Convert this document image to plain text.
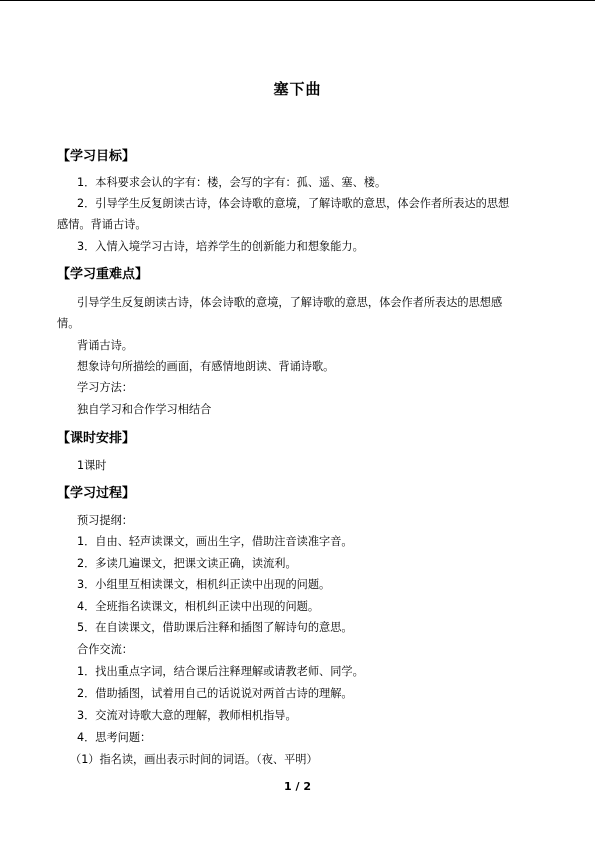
塞下曲
【学习目标】
1．本科要求会认的字有：楼，会写的字有：孤、遥、塞、楼。
2．引导学生反复朗读古诗，体会诗歌的意境，了解诗歌的意思，体会作者所表达的思想
感情。背诵古诗。
3．入情入境学习古诗，培养学生的创新能力和想象能力。
【学习重难点】
引导学生反复朗读古诗，体会诗歌的意境，了解诗歌的意思，体会作者所表达的思想感
情。
背诵古诗。
想象诗句所描绘的画面，有感情地朗读、背诵诗歌。
学习方法：
独自学习和合作学习相结合
【课时安排】
1课时
【学习过程】
预习提纲：
1．自由、轻声读课文，画出生字，借助注音读准字音。
2．多读几遍课文，把课文读正确，读流利。
3．小组里互相读课文，相机纠正读中出现的问题。
4．全班指名读课文，相机纠正读中出现的问题。
5．在自读课文，借助课后注释和插图了解诗句的意思。
合作交流：
1．找出重点字词，结合课后注释理解或请教老师、同学。
2．借助插图，试着用自己的话说说对两首古诗的理解。
3．交流对诗歌大意的理解，教师相机指导。
4．思考问题：
（1）指名读，画出表示时间的词语。（夜、平明）
1 / 2
